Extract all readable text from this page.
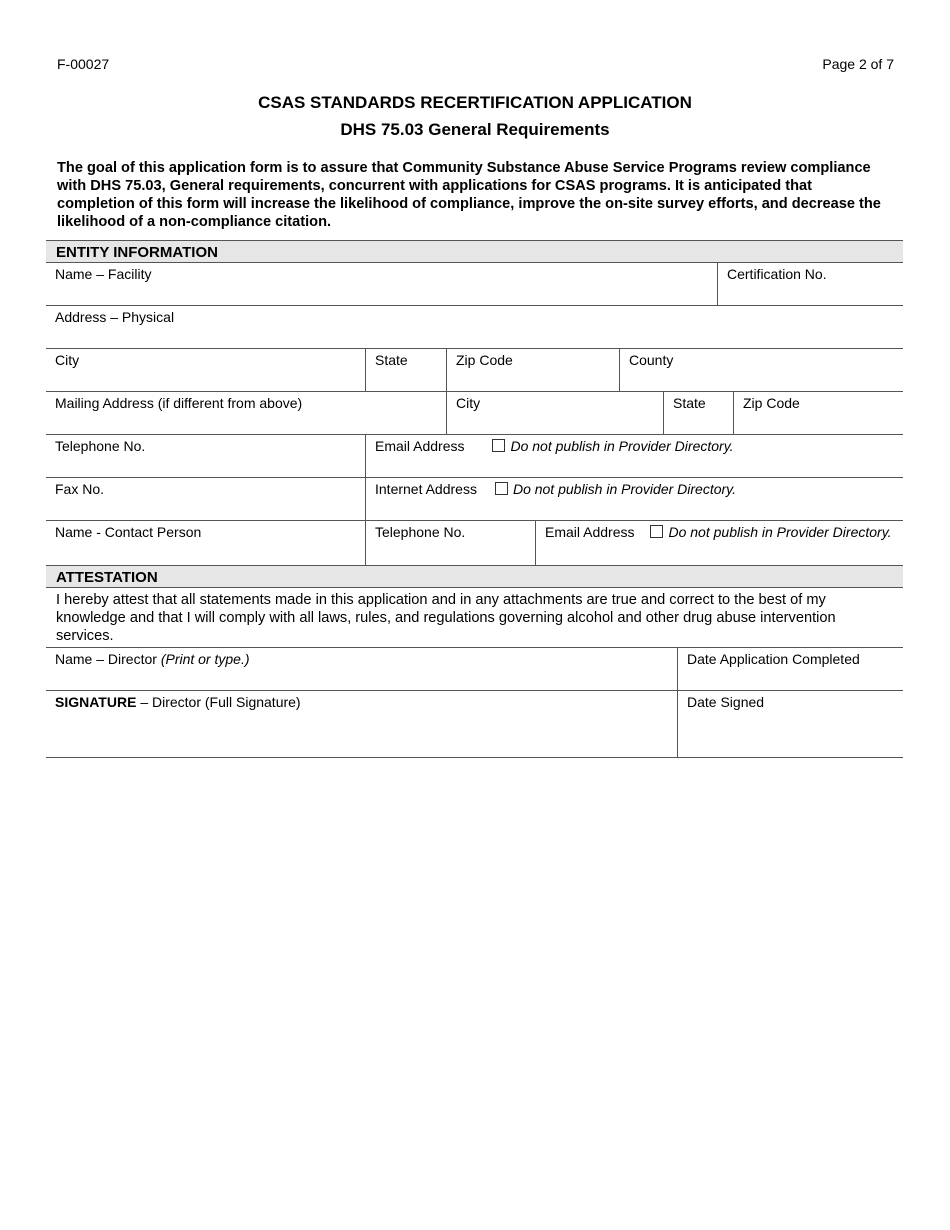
F-00027	Page 2 of 7
CSAS STANDARDS RECERTIFICATION APPLICATION
DHS 75.03 General Requirements
The goal of this application form is to assure that Community Substance Abuse Service Programs review compliance with DHS 75.03, General requirements, concurrent with applications for CSAS programs. It is anticipated that completion of this form will increase the likelihood of compliance, improve the on-site survey efforts, and decrease the likelihood of a non-compliance citation.
ENTITY INFORMATION
Name – Facility	Certification No.
Address – Physical
City	State	Zip Code	County
Mailing Address (if different from above)	City	State	Zip Code
Telephone No.	Email Address	Do not publish in Provider Directory.
Fax No.	Internet Address	Do not publish in Provider Directory.
Name - Contact Person	Telephone No.	Email Address Do not publish in Provider Directory.
ATTESTATION
I hereby attest that all statements made in this application and in any attachments are true and correct to the best of my knowledge and that I will comply with all laws, rules, and regulations governing alcohol and other drug abuse intervention services.
Name – Director (Print or type.)	Date Application Completed
SIGNATURE – Director (Full Signature)	Date Signed
